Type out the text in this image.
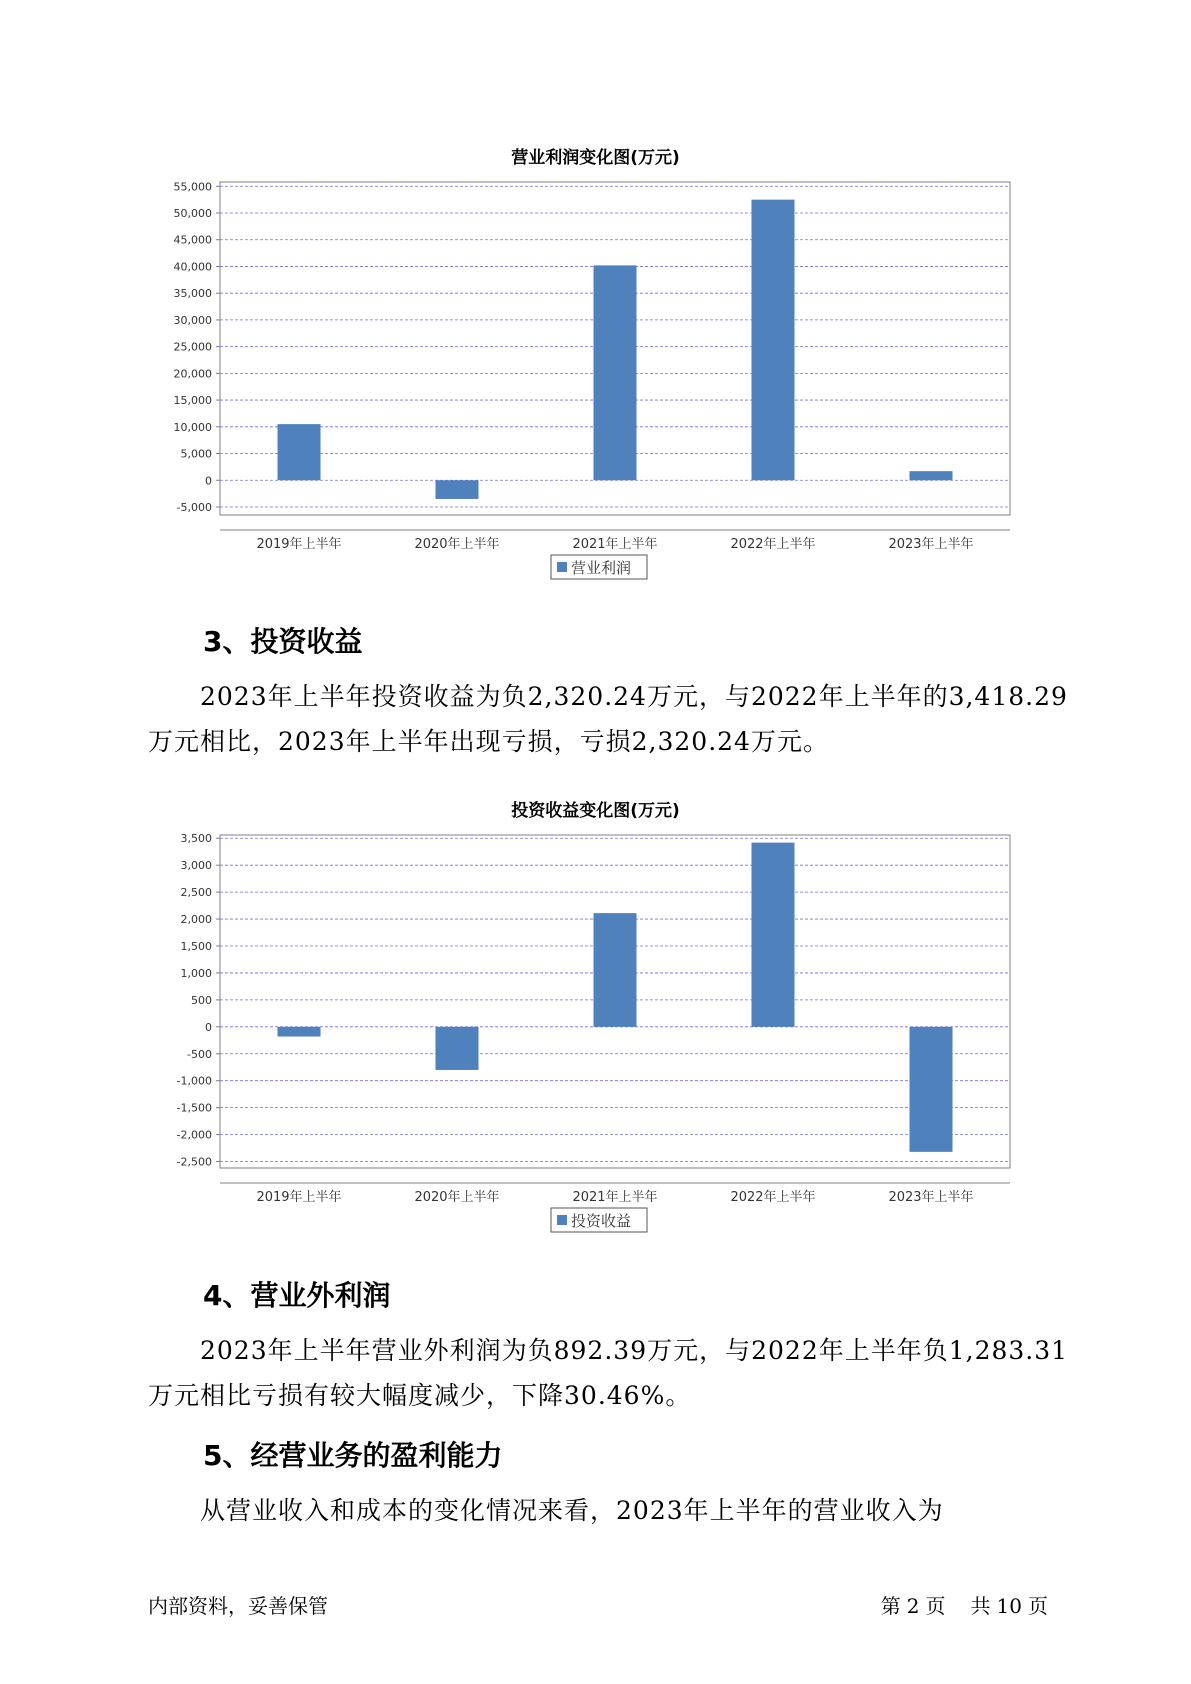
营业利润变化图(万元)
55,000
50,000
45,000
40,000
35,000
30,000
25,000
20,000
15,000
10,000
5,000
0
-5,000
2019年上半年	2020年上半年	2021年上半年	2022年上半年	2023年上半年
营业利润
3、投资收益
2023年上半年投资收益为负2,320.24万元，与2022年上半年的3,418.29万元相比，2023年上半年出现亏损，亏损2,320.24万元。
投资收益变化图(万元)
3,500
3,000
2,500
2,000
1,500
1,000
500
0
-500
-1,000
-1,500
-2,000
-2,500
2019年上半年	2020年上半年	2021年上半年	2022年上半年	2023年上半年
投资收益
4、营业外利润
2023年上半年营业外利润为负892.39万元，与2022年上半年负1,283.31万元相比亏损有较大幅度减少，下降30.46%。
5、经营业务的盈利能力
从营业收入和成本的变化情况来看，2023年上半年的营业收入为
内部资料，妥善保管	第 2 页 共 10 页
